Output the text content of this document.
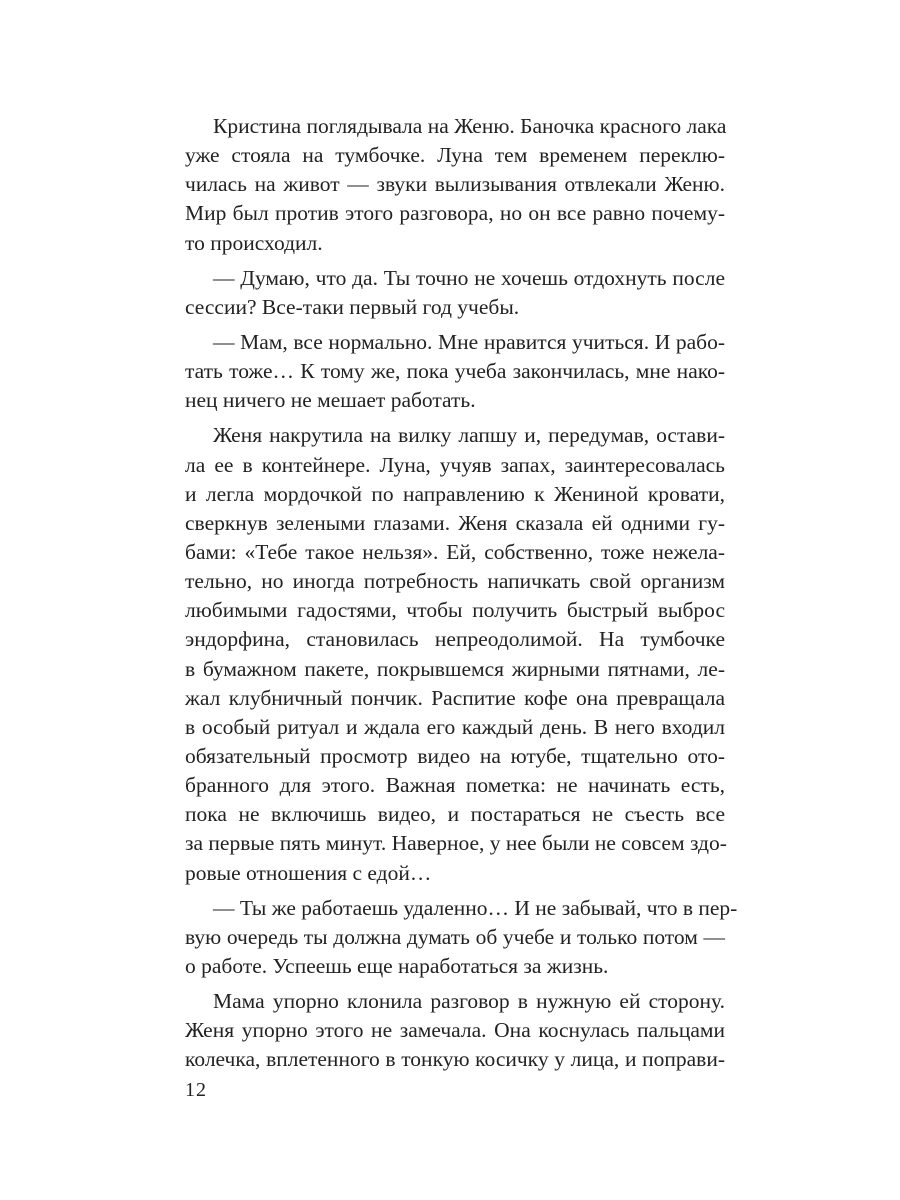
Кристина поглядывала на Женю. Баночка красного лака
уже стояла на тумбочке. Луна тем временем переклю-
чилась на живот — звуки вылизывания отвлекали Женю.
Мир был против этого разговора, но он все равно почему-
то происходил.
— Думаю, что да. Ты точно не хочешь отдохнуть после
сессии? Все-таки первый год учебы.
— Мам, все нормально. Мне нравится учиться. И рабо-
тать тоже… К тому же, пока учеба закончилась, мне нако-
нец ничего не мешает работать.
Женя накрутила на вилку лапшу и, передумав, остави-
ла ее в контейнере. Луна, учуяв запах, заинтересовалась
и легла мордочкой по направлению к Жениной кровати,
сверкнув зелеными глазами. Женя сказала ей одними гу-
бами: «Тебе такое нельзя». Ей, собственно, тоже нежела-
тельно, но иногда потребность напичкать свой организм
любимыми гадостями, чтобы получить быстрый выброс
эндорфина, становилась непреодолимой. На тумбочке
в бумажном пакете, покрывшемся жирными пятнами, ле-
жал клубничный пончик. Распитие кофе она превращала
в особый ритуал и ждала его каждый день. В него входил
обязательный просмотр видео на ютубе, тщательно ото-
бранного для этого. Важная пометка: не начинать есть,
пока не включишь видео, и постараться не съесть все
за первые пять минут. Наверное, у нее были не совсем здо-
ровые отношения с едой…
— Ты же работаешь удаленно… И не забывай, что в пер-
вую очередь ты должна думать об учебе и только потом —
о работе. Успеешь еще наработаться за жизнь.
Мама упорно клонила разговор в нужную ей сторону.
Женя упорно этого не замечала. Она коснулась пальцами
колечка, вплетенного в тонкую косичку у лица, и поправи-
12
